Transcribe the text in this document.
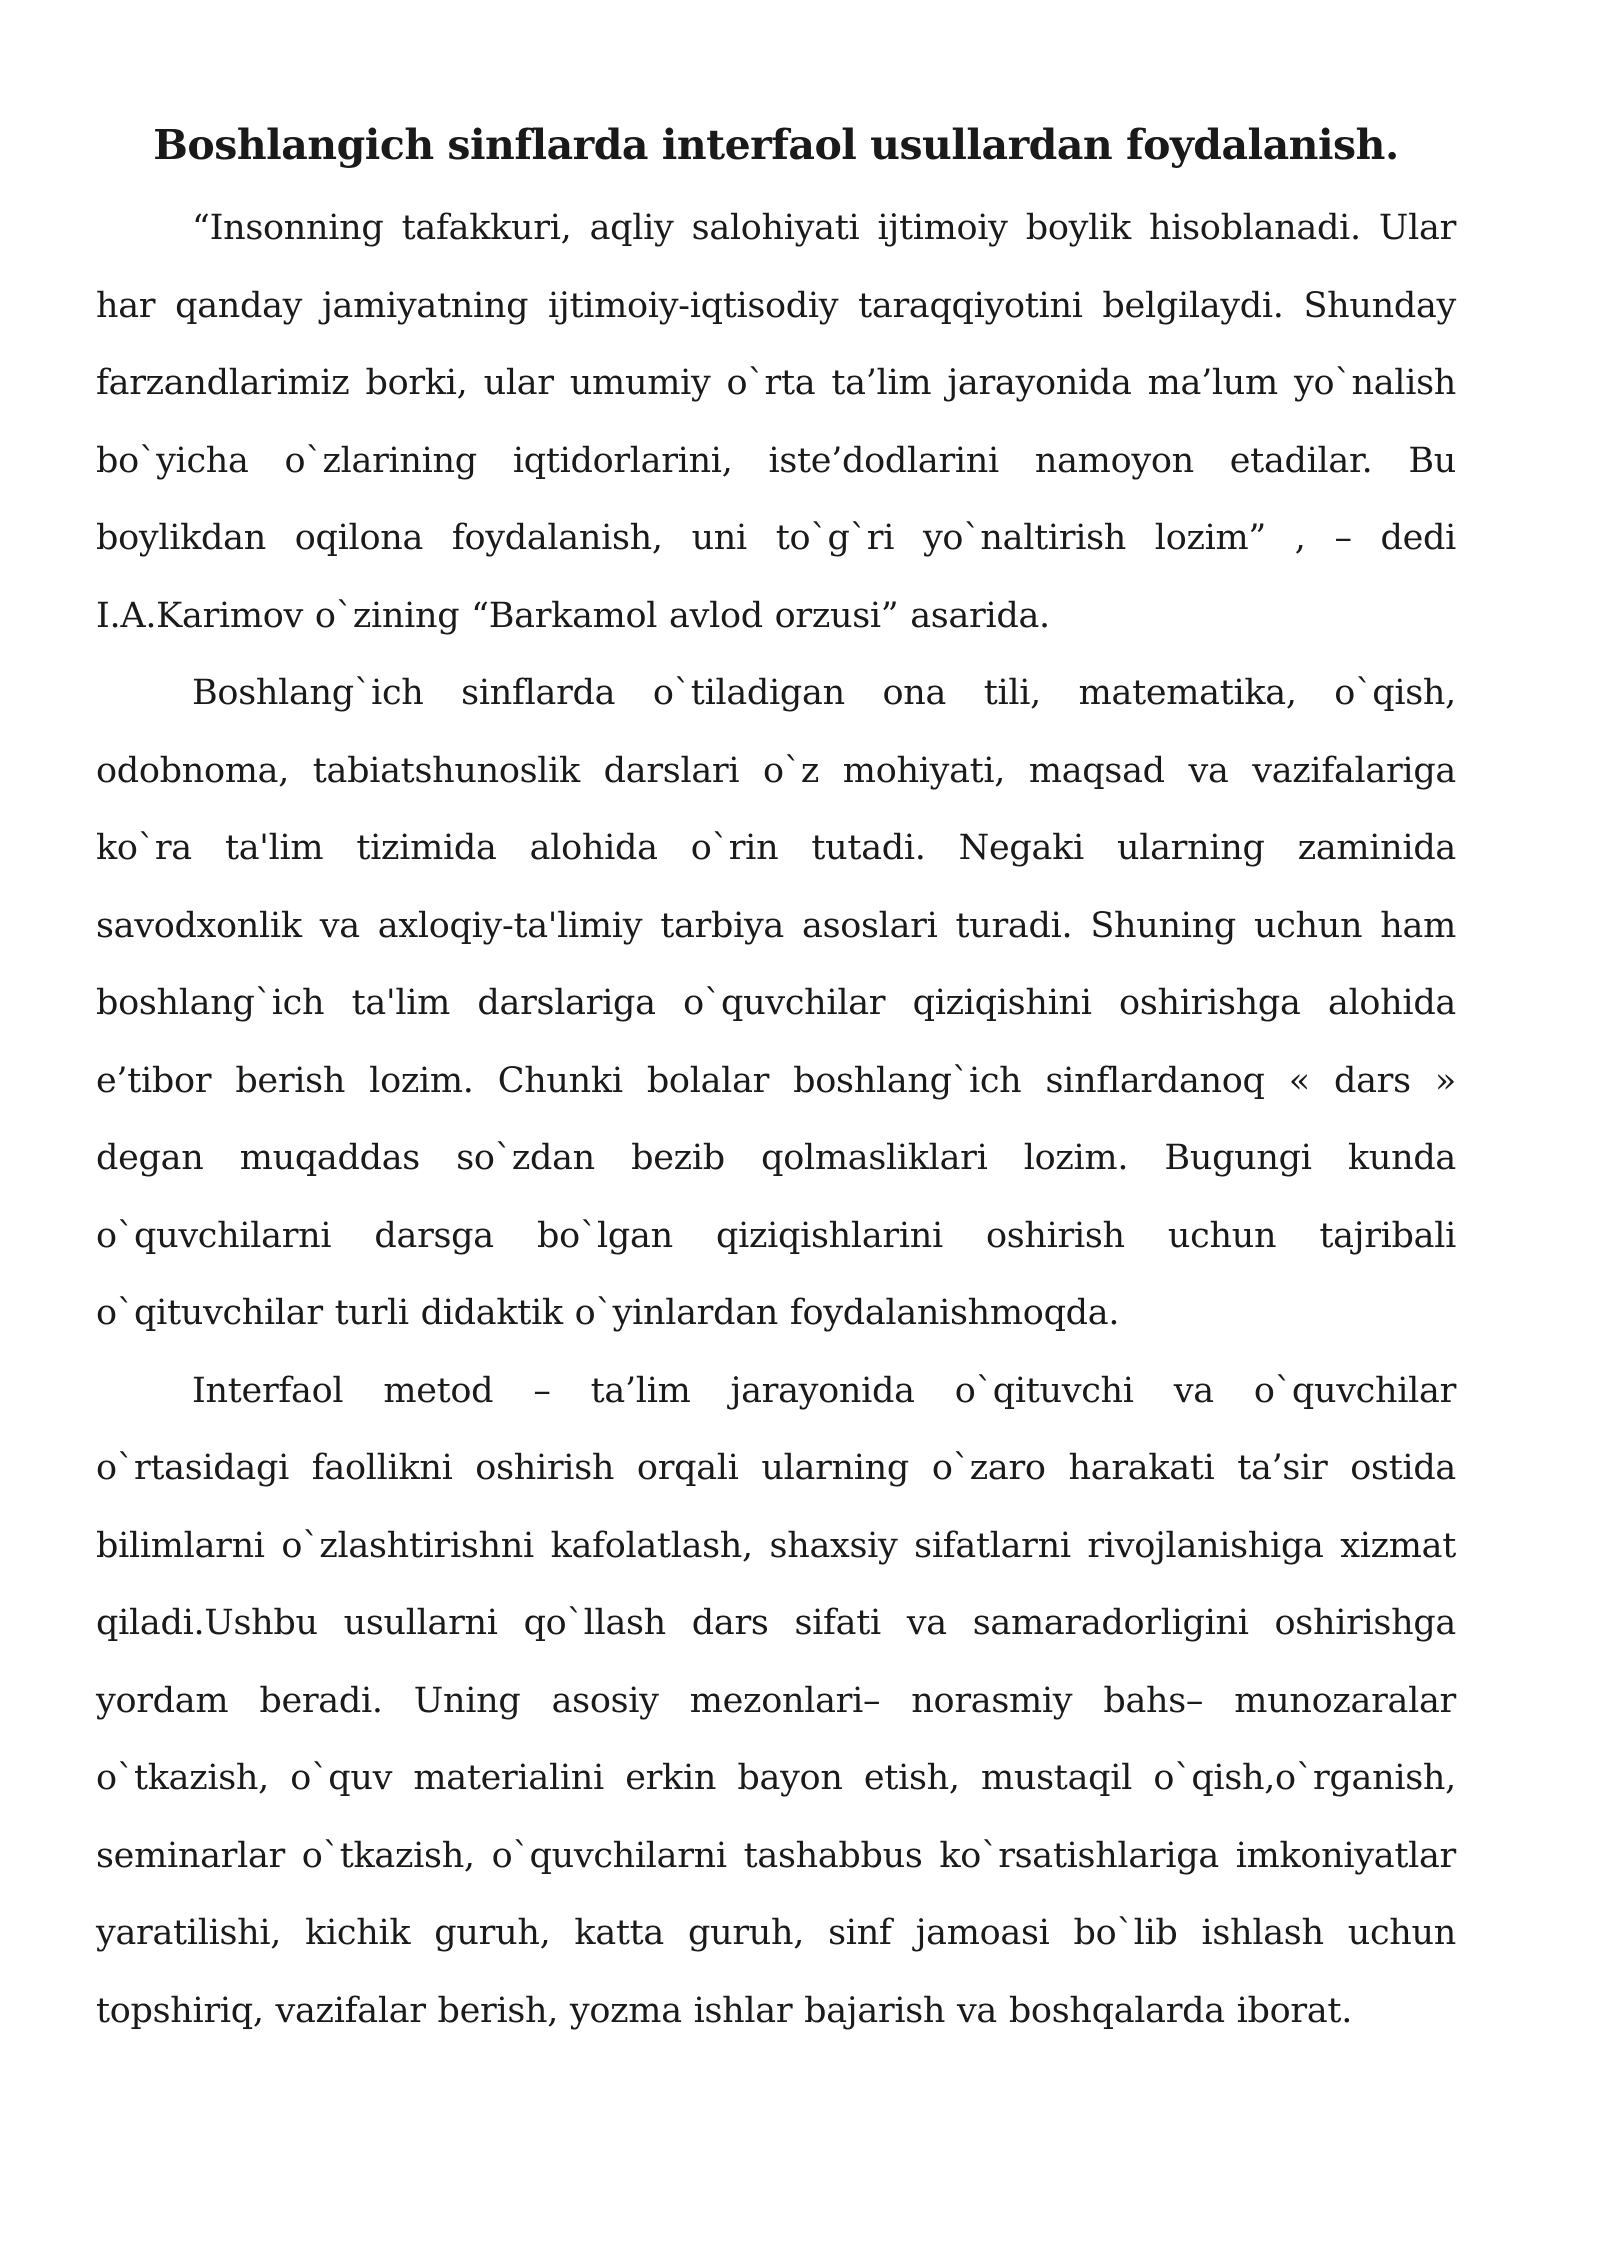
Boshlangich sinflarda interfaol usullardan foydalanish.

“Insonning tafakkuri, aqliy salohiyati ijtimoiy boylik hisoblanadi. Ular har qanday jamiyatning ijtimoiy-iqtisodiy taraqqiyotini belgilaydi. Shunday farzandlarimiz borki, ular umumiy o`rta ta’lim jarayonida ma’lum yo`nalish bo`yicha o`zlarining iqtidorlarini, iste’dodlarini namoyon etadilar. Bu boylikdan oqilona foydalanish, uni to`g`ri yo`naltirish lozim” , – dedi I.A.Karimov o`zining “Barkamol avlod orzusi” asarida.

Boshlang`ich sinflarda o`tiladigan ona tili, matematika, o`qish, odobnoma, tabiatshunoslik darslari o`z mohiyati, maqsad va vazifalariga ko`ra ta'lim tizimida alohida o`rin tutadi. Negaki ularning zaminida savodxonlik va axloqiy-ta'limiy tarbiya asoslari turadi. Shuning uchun ham boshlang`ich ta'lim darslariga o`quvchilar qiziqishini oshirishga alohida e’tibor berish lozim. Chunki bolalar boshlang`ich sinflardanoq « dars » degan muqaddas so`zdan bezib qolmasliklari lozim. Bugungi kunda o`quvchilarni darsga bo`lgan qiziqishlarini oshirish uchun tajribali o`qituvchilar turli didaktik o`yinlardan foydalanishmoqda.

Interfaol metod – ta’lim jarayonida o`qituvchi va o`quvchilar o`rtasidagi faollikni oshirish orqali ularning o`zaro harakati ta’sir ostida bilimlarni o`zlashtirishni kafolatlash, shaxsiy sifatlarni rivojlanishiga xizmat qiladi.Ushbu usullarni qo`llash dars sifati va samaradorligini oshirishga yordam beradi. Uning asosiy mezonlari– norasmiy bahs– munozaralar o`tkazish, o`quv materialini erkin bayon etish, mustaqil o`qish,o`rganish, seminarlar o`tkazish, o`quvchilarni tashabbus ko`rsatishlariga imkoniyatlar yaratilishi, kichik guruh, katta guruh, sinf jamoasi bo`lib ishlash uchun topshiriq, vazifalar berish, yozma ishlar bajarish va boshqalarda iborat.
